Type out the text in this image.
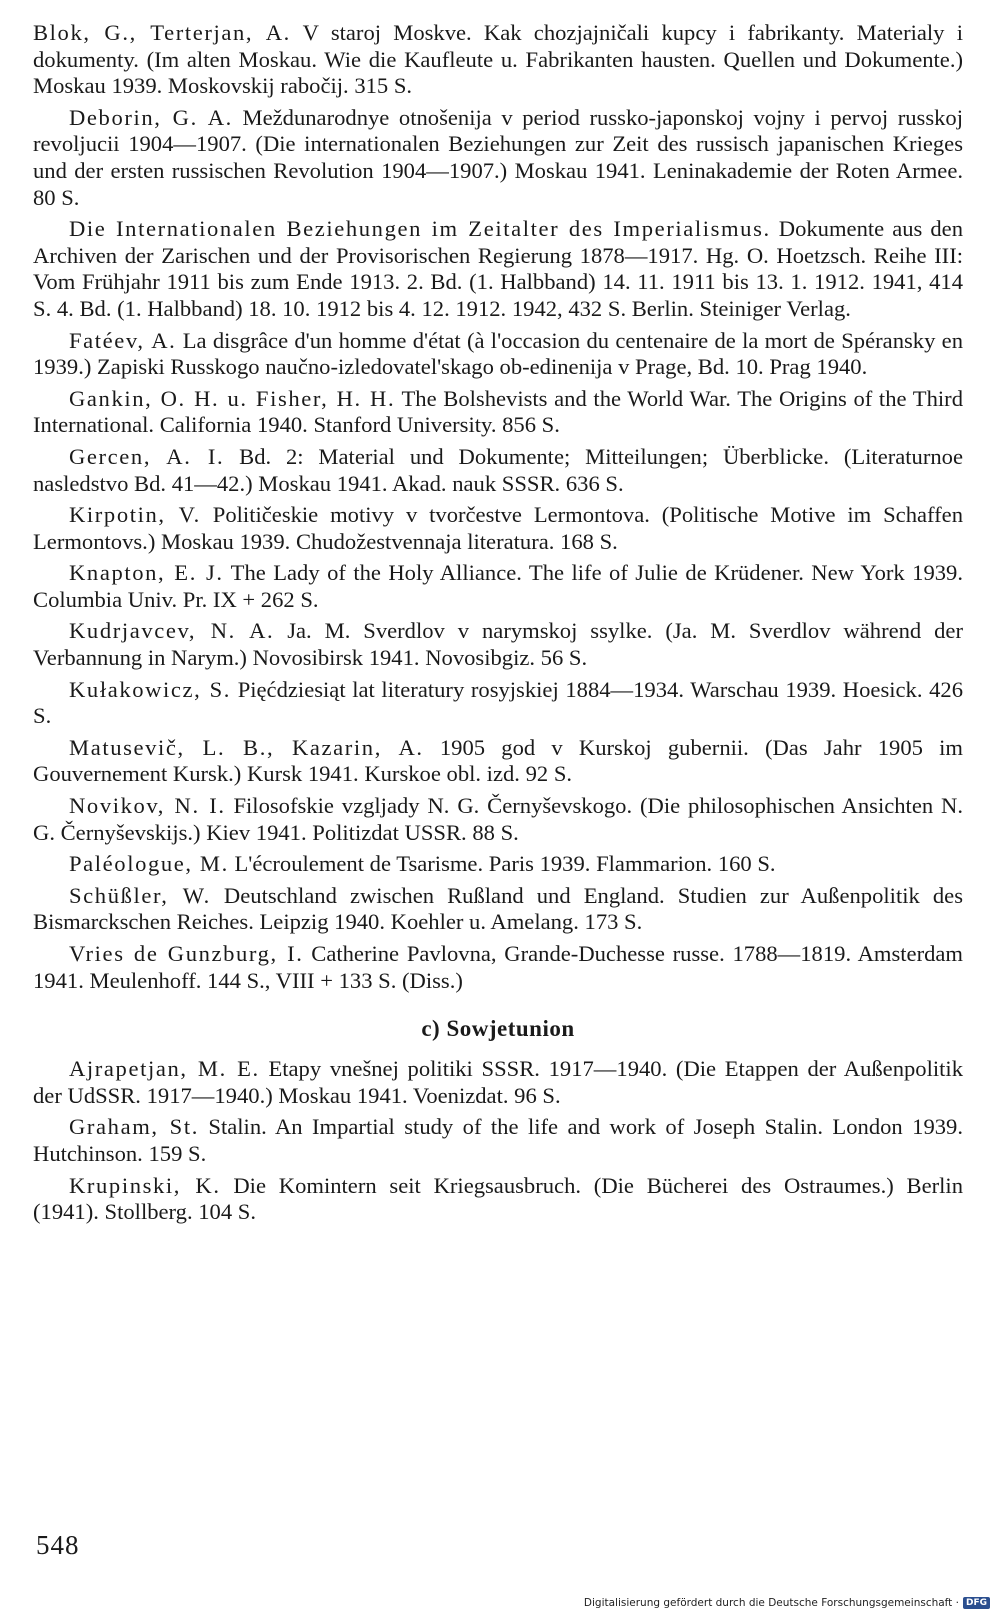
Blok, G., Terterjan, A. V staroj Moskve. Kak chozjajničali kupcy i fabrikanty. Materialy i dokumenty. (Im alten Moskau. Wie die Kaufleute u. Fabrikanten hausten. Quellen und Dokumente.) Moskau 1939. Moskovskij rabočij. 315 S.

Deborin, G. A. Meždunarodnye otnošenija v period russko-japonskoj vojny i pervoj russkoj revoljucii 1904—1907. (Die internationalen Beziehungen zur Zeit des russisch japanischen Krieges und der ersten russischen Revolution 1904—1907.) Moskau 1941. Leninakademie der Roten Armee. 80 S.

Die Internationalen Beziehungen im Zeitalter des Imperialismus. Dokumente aus den Archiven der Zarischen und der Provisorischen Regierung 1878—1917. Hg. O. Hoetzsch. Reihe III: Vom Frühjahr 1911 bis zum Ende 1913. 2. Bd. (1. Halbband) 14. 11. 1911 bis 13. 1. 1912. 1941, 414 S. 4. Bd. (1. Halbband) 18. 10. 1912 bis 4. 12. 1912. 1942, 432 S. Berlin. Steiniger Verlag.

Fatéev, A. La disgrâce d'un homme d'état (à l'occasion du centenaire de la mort de Spéransky en 1939.) Zapiski Russkogo naučno-izledovatel'skago ob-edinenija v Prage, Bd. 10. Prag 1940.

Gankin, O. H. u. Fisher, H. H. The Bolshevists and the World War. The Origins of the Third International. California 1940. Stanford University. 856 S.

Gercen, A. I. Bd. 2: Material und Dokumente; Mitteilungen; Überblicke. (Literaturnoe nasledstvo Bd. 41—42.) Moskau 1941. Akad. nauk SSSR. 636 S.

Kirpotin, V. Političeskie motivy v tvorčestve Lermontova. (Politische Motive im Schaffen Lermontovs.) Moskau 1939. Chudožestvennaja literatura. 168 S.

Knapton, E. J. The Lady of the Holy Alliance. The life of Julie de Krüdener. New York 1939. Columbia Univ. Pr. IX + 262 S.

Kudrjavcev, N. A. Ja. M. Sverdlov v narymskoj ssylke. (Ja. M. Sverdlov während der Verbannung in Narym.) Novosibirsk 1941. Novosibgiz. 56 S.

Kułakowicz, S. Pięćdziesiąt lat literatury rosyjskiej 1884—1934. Warschau 1939. Hoesick. 426 S.

Matusevič, L. B., Kazarin, A. 1905 god v Kurskoj gubernii. (Das Jahr 1905 im Gouvernement Kursk.) Kursk 1941. Kurskoe obl. izd. 92 S.

Novikov, N. I. Filosofskie vzgljady N. G. Černyševskogo. (Die philosophischen Ansichten N. G. Černyševskijs.) Kiev 1941. Politizdat USSR. 88 S.

Paléologue, M. L'écroulement de Tsarisme. Paris 1939. Flammarion. 160 S.

Schüßler, W. Deutschland zwischen Rußland und England. Studien zur Außenpolitik des Bismarckschen Reiches. Leipzig 1940. Koehler u. Amelang. 173 S.

Vries de Gunzburg, I. Catherine Pavlovna, Grande-Duchesse russe. 1788—1819. Amsterdam 1941. Meulenhoff. 144 S., VIII + 133 S. (Diss.)

c) Sowjetunion

Ajrapetjan, M. E. Etapy vnešnej politiki SSSR. 1917—1940. (Die Etappen der Außenpolitik der UdSSR. 1917—1940.) Moskau 1941. Voenizdat. 96 S.

Graham, St. Stalin. An Impartial study of the life and work of Joseph Stalin. London 1939. Hutchinson. 159 S.

Krupinski, K. Die Komintern seit Kriegsausbruch. (Die Bücherei des Ostraumes.) Berlin (1941). Stollberg. 104 S.

548
Digitalisierung gefördert durch die Deutsche Forschungsgemeinschaft · DFG
